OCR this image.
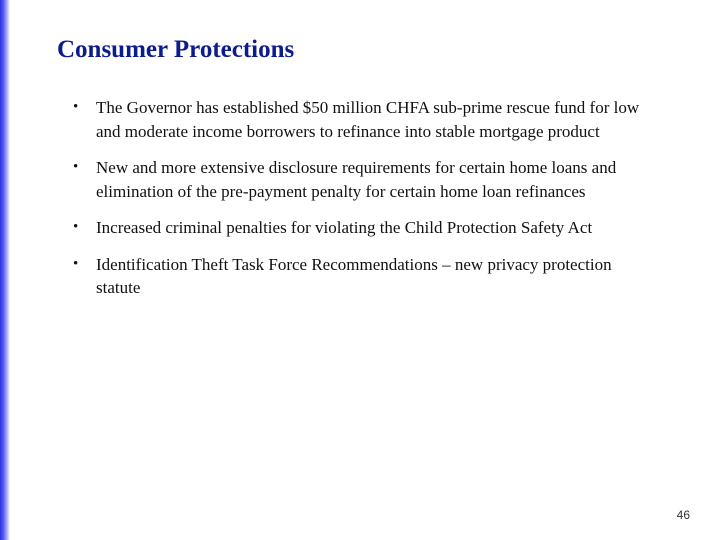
Consumer Protections
• The Governor has established $50 million CHFA sub-prime rescue fund for low and moderate income borrowers to refinance into stable mortgage product
• New and more extensive disclosure requirements for certain home loans and elimination of the pre-payment penalty for certain home loan refinances
• Increased criminal penalties for violating the Child Protection Safety Act
• Identification Theft Task Force Recommendations – new privacy protection statute
46
